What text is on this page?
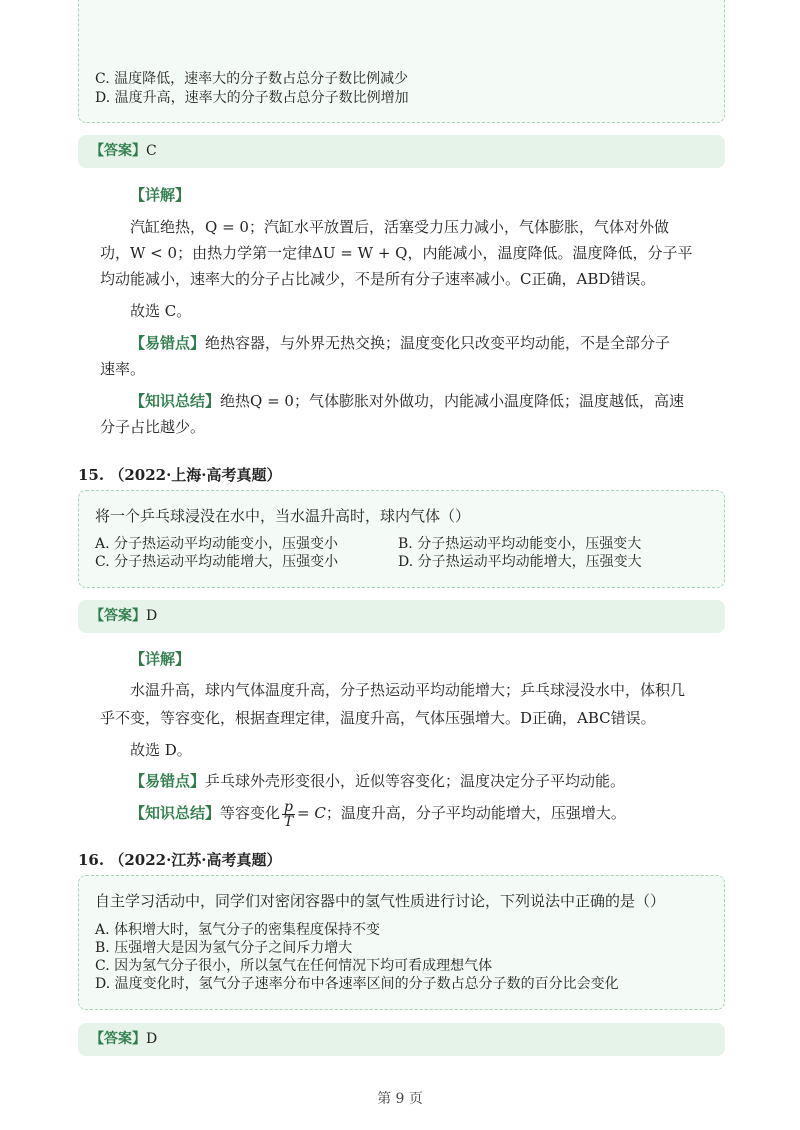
C. 温度降低，速率大的分子数占总分子数比例减少
D. 温度升高，速率大的分子数占总分子数比例增加
【答案】C
【详解】
汽缸绝热，Q = 0；汽缸水平放置后，活塞受力压力减小，气体膨胀，气体对外做
功，W < 0；由热力学第一定律ΔU = W + Q，内能减小，温度降低。温度降低，分子平
均动能减小，速率大的分子占比减少，不是所有分子速率减小。C正确，ABD错误。
故选 C。
【易错点】绝热容器，与外界无热交换；温度变化只改变平均动能，不是全部分子
速率。
【知识总结】绝热Q = 0；气体膨胀对外做功，内能减小温度降低；温度越低，高速
分子占比越少。
15. （2022·上海·高考真题）
将一个乒乓球浸没在水中，当水温升高时，球内气体（）
A. 分子热运动平均动能变小，压强变小	B. 分子热运动平均动能变小，压强变大
C. 分子热运动平均动能增大，压强变小	D. 分子热运动平均动能增大，压强变大
【答案】D
【详解】
水温升高，球内气体温度升高，分子热运动平均动能增大；乒乓球浸没水中，体积几
乎不变，等容变化，根据查理定律，温度升高，气体压强增大。D正确，ABC错误。
故选 D。
【易错点】乒乓球外壳形变很小，近似等容变化；温度决定分子平均动能。
【知识总结】等容变化 $\frac{p}{T} = C$；温度升高，分子平均动能增大，压强增大。
16. （2022·江苏·高考真题）
自主学习活动中，同学们对密闭容器中的氢气性质进行讨论，下列说法中正确的是（）
A. 体积增大时，氢气分子的密集程度保持不变
B. 压强增大是因为氢气分子之间斥力增大
C. 因为氢气分子很小，所以氢气在任何情况下均可看成理想气体
D. 温度变化时，氢气分子速率分布中各速率区间的分子数占总分子数的百分比会变化
【答案】D
第 9 页
